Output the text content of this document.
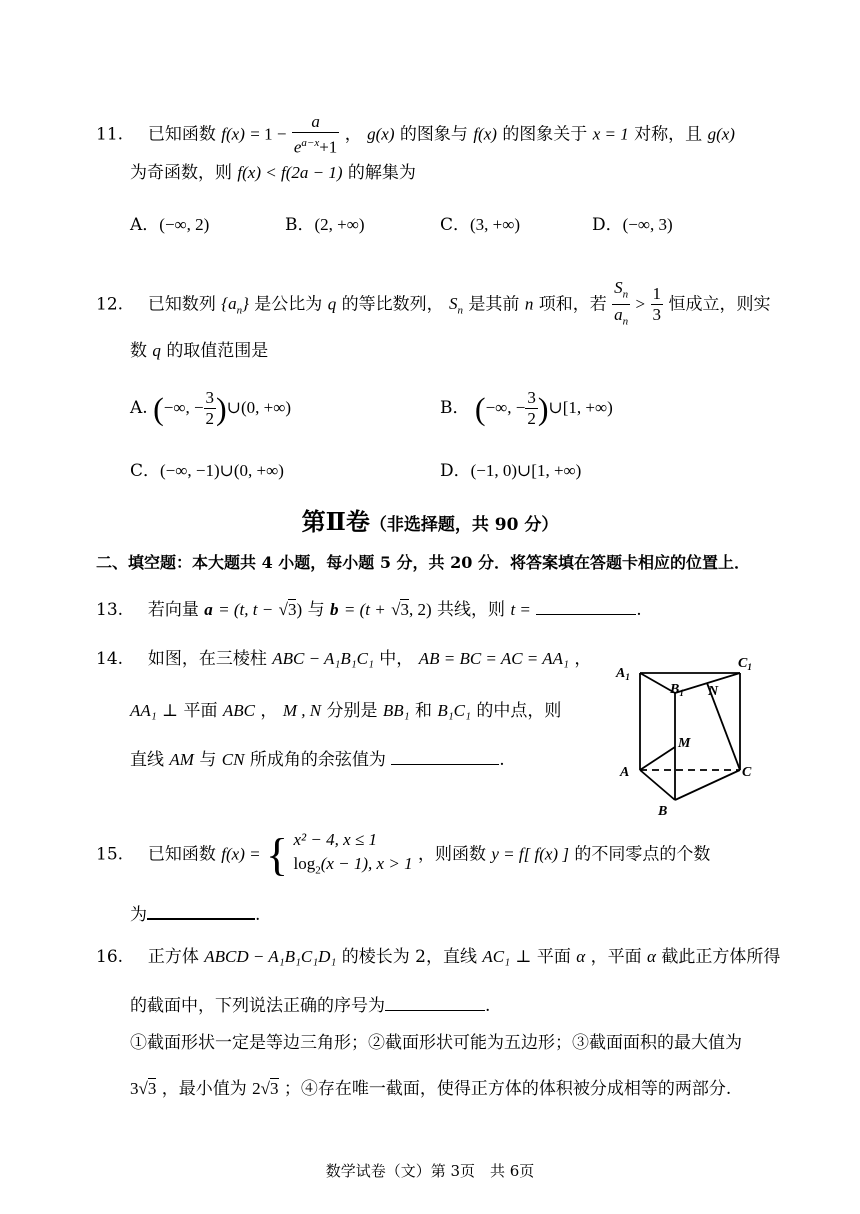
11. 已知函数 $f(x) = 1 - \frac{a}{e^{a-x}+1}$ ， g(x) 的图象与 f(x) 的图象关于 x = 1 对称，且 g(x)
为奇函数，则 f(x) < f(2a − 1) 的解集为
A．(−∞, 2)	B．(2, +∞)	C．(3, +∞)	D．(−∞, 3)
12. 已知数列 $\{a_n\}$ 是公比为 q 的等比数列， $S_n$ 是其前 n 项和，若 $\frac{S_n}{a_n} > \frac{1}{3}$ 恒成立，则实
数 q 的取值范围是
A. (−∞, − $\frac{3}{2}$ )∪(0, +∞)	B． (−∞, − $\frac{3}{2}$ )∪[1, +∞)
C．(−∞, −1)∪(0, +∞)	D．(−1, 0)∪[1, +∞)
第Ⅱ卷（非选择题，共 90 分）
二、填空题：本大题共 4 小题，每小题 5 分，共 20 分．将答案填在答题卡相应的位置上．
13. 若向量 a = (t, t − √3) 与 b = (t + √3, 2) 共线，则 t =	.
14. 如图，在三棱柱 ABC − A₁B₁C₁ 中， AB = BC = AC = AA₁ ，
AA₁ ⊥ 平面 ABC ， M , N 分别是 BB₁ 和 B₁C₁ 的中点，则
直线 AM 与 CN 所成角的余弦值为	.
$A_1$
$C_1$
$B_1$ N
M
A	C
B
15. 已知函数 f(x) = { x² − 4, x ≤ 1
$\log_2(x - 1)$, x > 1 ，则函数 y = f[ f(x) ] 的不同零点的个数
为	.
16. 正方体 ABCD − A₁B₁C₁D₁ 的棱长为 2，直线 AC₁ ⊥ 平面 α ，平面 α 截此正方体所得
的截面中，下列说法正确的序号为	.
①截面形状一定是等边三角形；②截面形状可能为五边形；③截面面积的最大值为
3√3 ，最小值为 2√3 ；④存在唯一截面，使得正方体的体积被分成相等的两部分.
数学试卷（文）第 3页　共 6页
